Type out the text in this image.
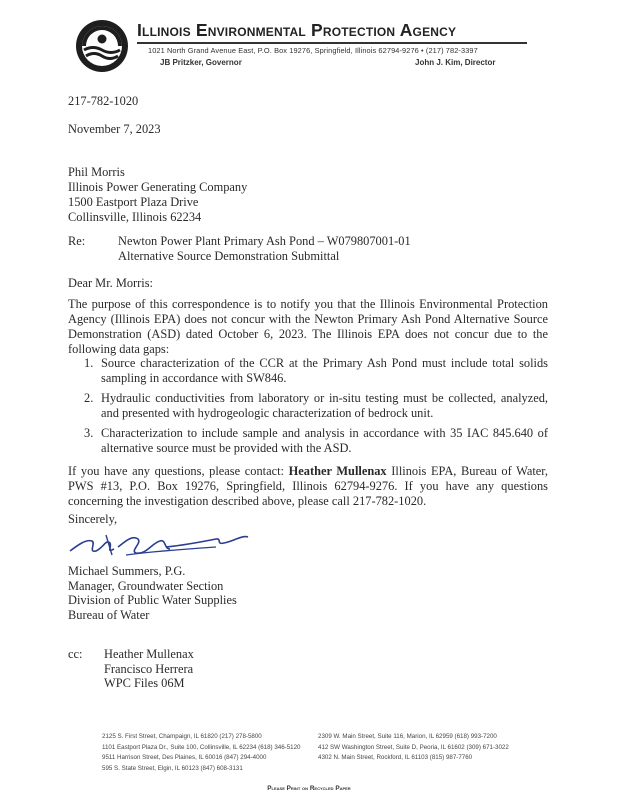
Illinois Environmental Protection Agency
1021 North Grand Avenue East, P.O. Box 19276, Springfield, Illinois 62794-9276 • (217) 782-3397
JB Pritzker, Governor	John J. Kim, Director
217-782-1020
November 7, 2023
Phil Morris
Illinois Power Generating Company
1500 Eastport Plaza Drive
Collinsville, Illinois 62234
Re:	Newton Power Plant Primary Ash Pond – W079807001-01
Alternative Source Demonstration Submittal
Dear Mr. Morris:
The purpose of this correspondence is to notify you that the Illinois Environmental Protection Agency (Illinois EPA) does not concur with the Newton Primary Ash Pond Alternative Source Demonstration (ASD) dated October 6, 2023. The Illinois EPA does not concur due to the following data gaps:
1. Source characterization of the CCR at the Primary Ash Pond must include total solids sampling in accordance with SW846.
2. Hydraulic conductivities from laboratory or in-situ testing must be collected, analyzed, and presented with hydrogeologic characterization of bedrock unit.
3. Characterization to include sample and analysis in accordance with 35 IAC 845.640 of alternative source must be provided with the ASD.
If you have any questions, please contact: Heather Mullenax Illinois EPA, Bureau of Water, PWS #13, P.O. Box 19276, Springfield, Illinois 62794-9276. If you have any questions concerning the investigation described above, please call 217-782-1020.
Sincerely,
Michael Summers, P.G.
Manager, Groundwater Section
Division of Public Water Supplies
Bureau of Water
cc: Heather Mullenax
Francisco Herrera
WPC Files 06M
2125 S. First Street, Champaign, IL 61820 (217) 278-5800
1101 Eastport Plaza Dr., Suite 100, Collinsville, IL 62234 (618) 346-5120
9511 Harrison Street, Des Plaines, IL 60016 (847) 294-4000
595 S. State Street, Elgin, IL 60123 (847) 608-3131
2309 W. Main Street, Suite 116, Marion, IL 62959 (618) 993-7200
412 SW Washington Street, Suite D, Peoria, IL 61602 (309) 671-3022
4302 N. Main Street, Rockford, IL 61103 (815) 987-7760
Please Print on Recycled Paper
